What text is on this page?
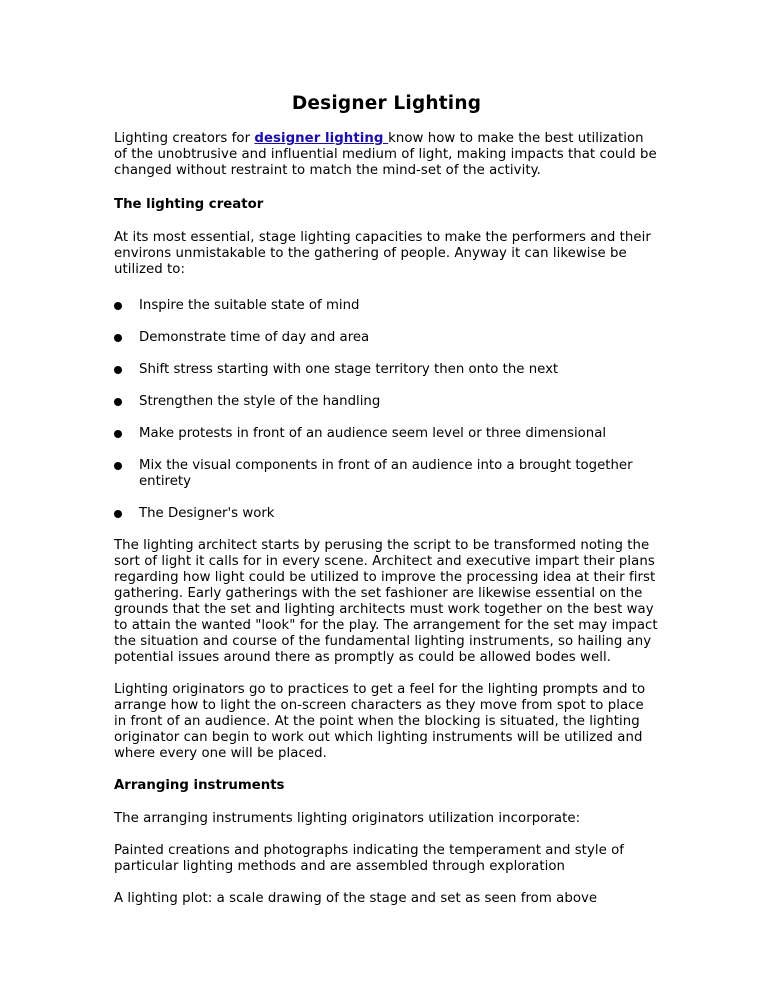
Designer Lighting

Lighting creators for designer lighting know how to make the best utilization of the unobtrusive and influential medium of light, making impacts that could be changed without restraint to match the mind-set of the activity.

The lighting creator

At its most essential, stage lighting capacities to make the performers and their environs unmistakable to the gathering of people. Anyway it can likewise be utilized to:

Inspire the suitable state of mind
Demonstrate time of day and area
Shift stress starting with one stage territory then onto the next
Strengthen the style of the handling
Make protests in front of an audience seem level or three dimensional
Mix the visual components in front of an audience into a brought together entirety
The Designer's work

The lighting architect starts by perusing the script to be transformed noting the sort of light it calls for in every scene. Architect and executive impart their plans regarding how light could be utilized to improve the processing idea at their first gathering. Early gatherings with the set fashioner are likewise essential on the grounds that the set and lighting architects must work together on the best way to attain the wanted "look" for the play. The arrangement for the set may impact the situation and course of the fundamental lighting instruments, so hailing any potential issues around there as promptly as could be allowed bodes well.

Lighting originators go to practices to get a feel for the lighting prompts and to arrange how to light the on-screen characters as they move from spot to place in front of an audience. At the point when the blocking is situated, the lighting originator can begin to work out which lighting instruments will be utilized and where every one will be placed.

Arranging instruments

The arranging instruments lighting originators utilization incorporate:

Painted creations and photographs indicating the temperament and style of particular lighting methods and are assembled through exploration

A lighting plot: a scale drawing of the stage and set as seen from above
